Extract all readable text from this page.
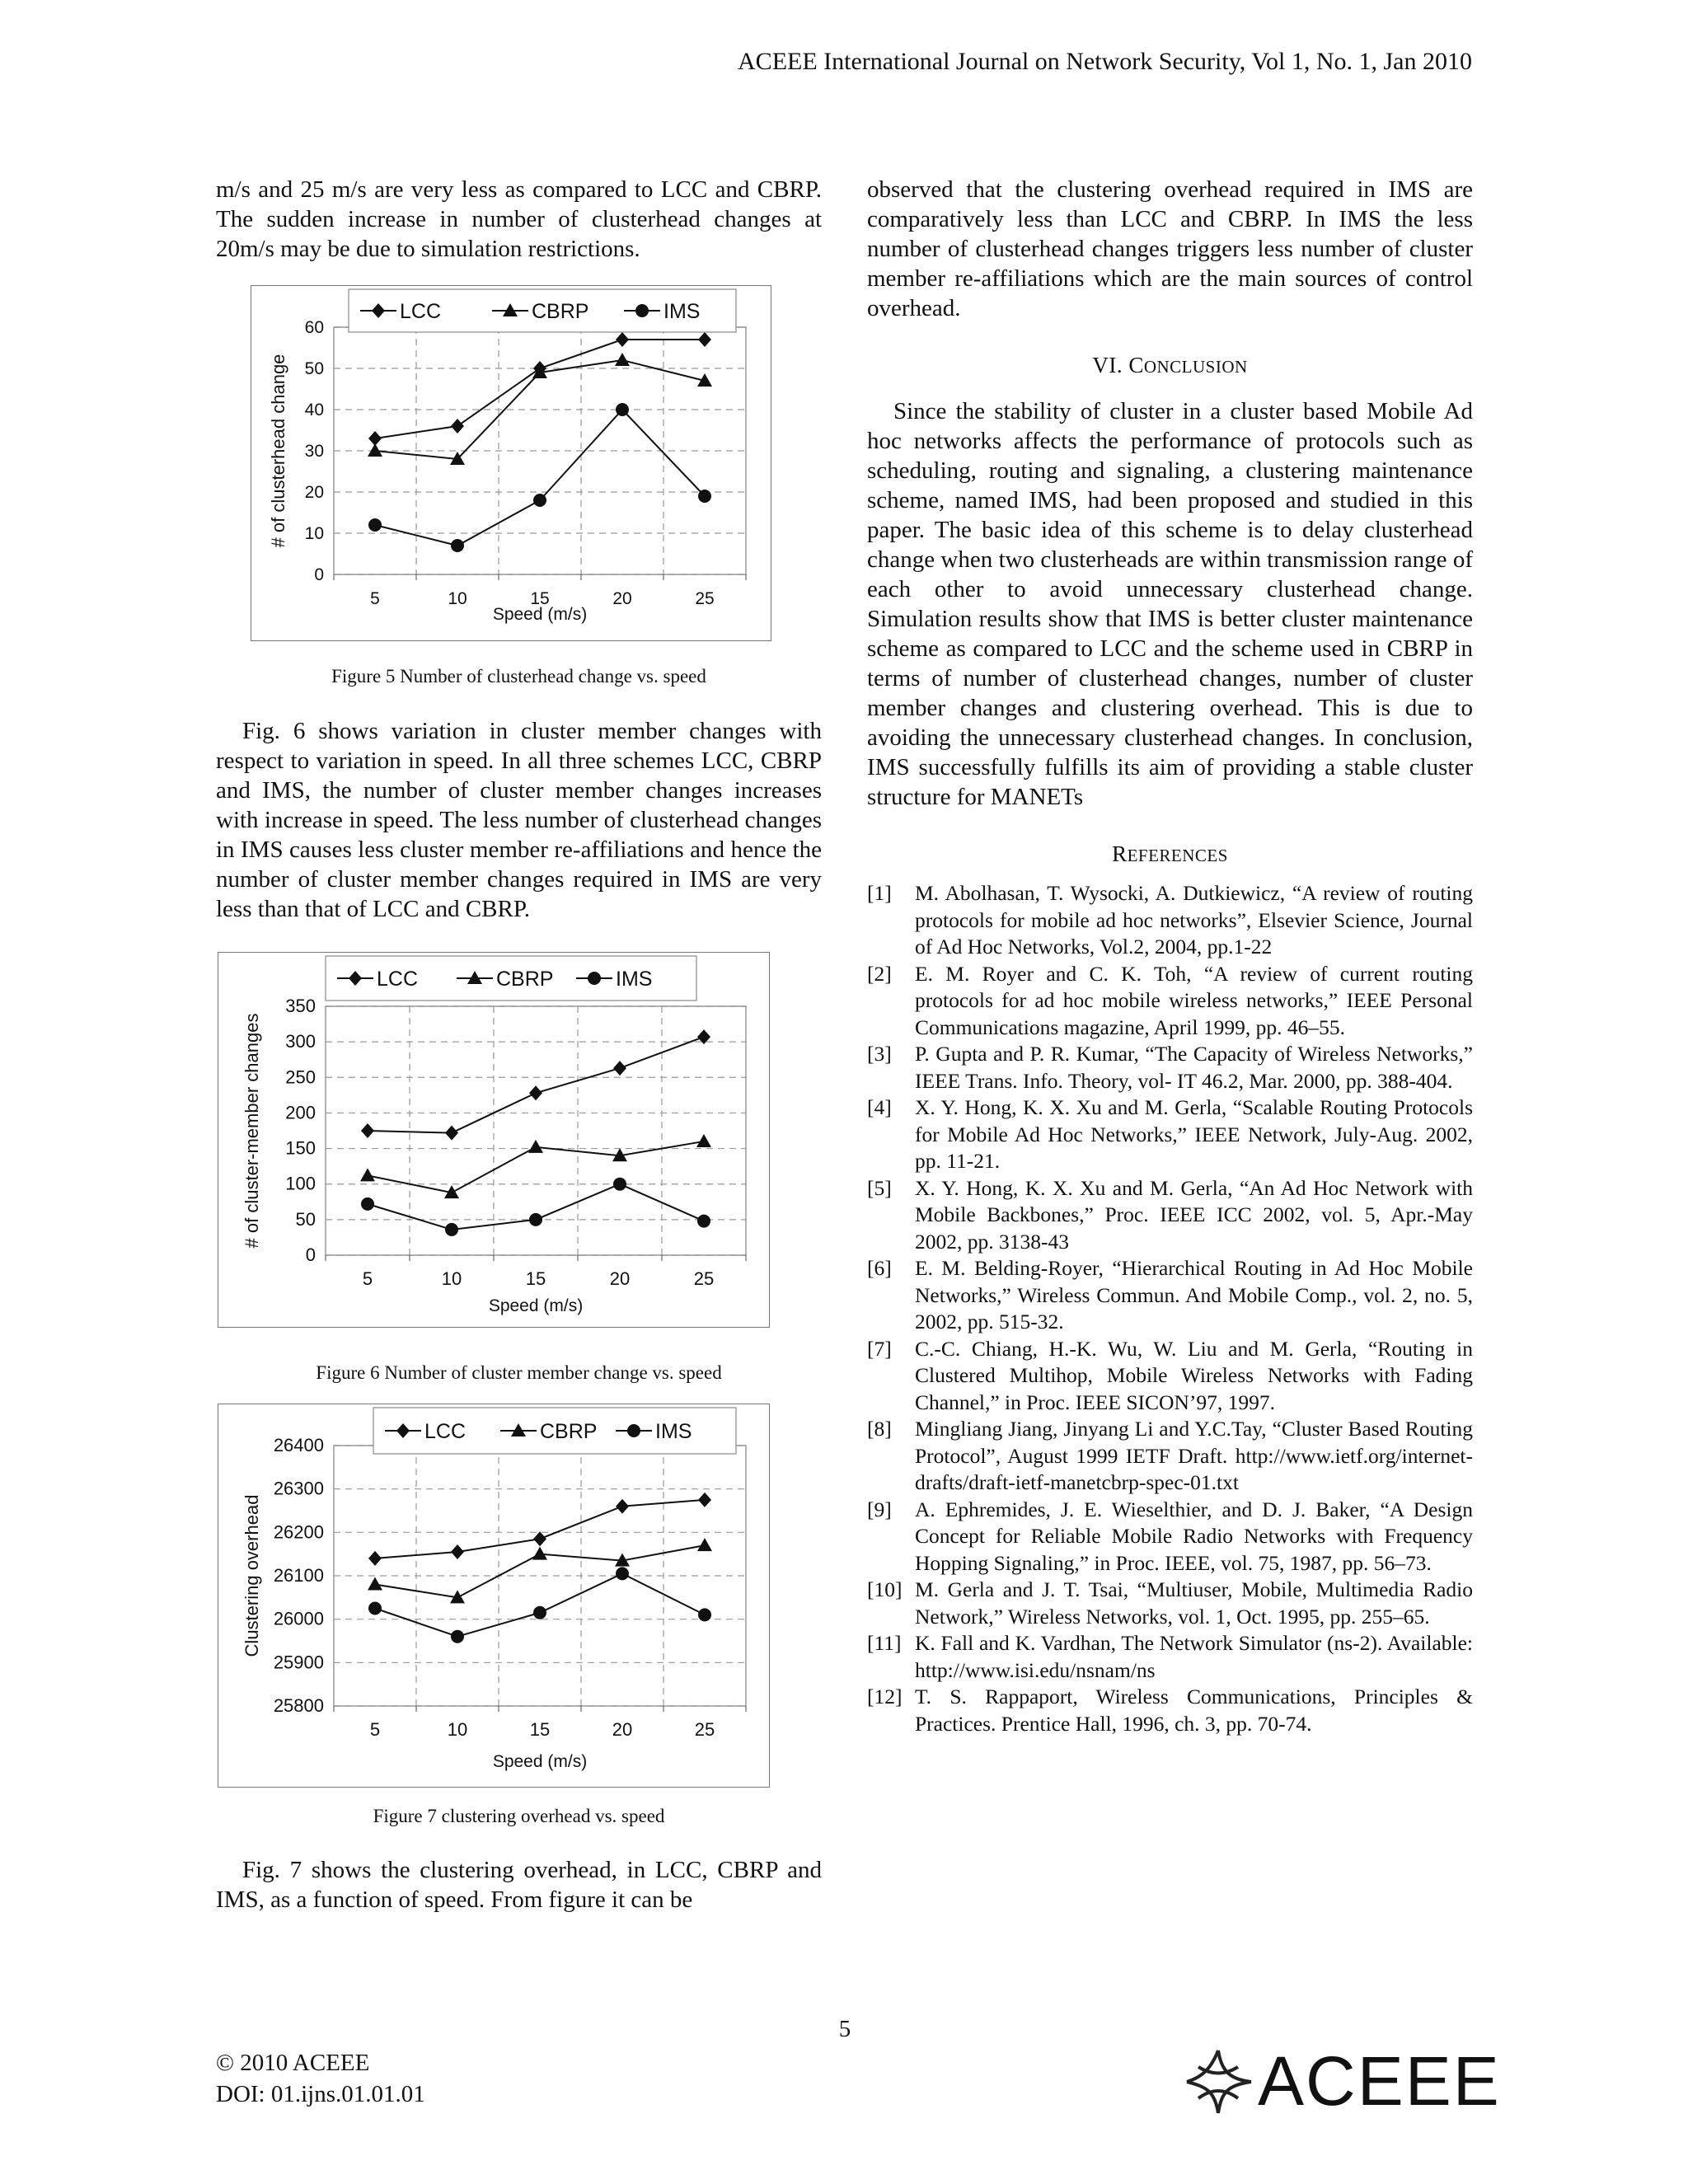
ACEEE International Journal on Network Security, Vol 1, No. 1, Jan 2010

m/s and 25 m/s are very less as compared to LCC and CBRP. The sudden increase in number of clusterhead changes at 20m/s may be due to simulation restrictions.

0
10
20
30
40
50
60
5	10	15	20	25
Speed (m/s)
# of clusterhead change
LCC	CBRP	IMS

Figure 5 Number of clusterhead change vs. speed

Fig. 6 shows variation in cluster member changes with respect to variation in speed. In all three schemes LCC, CBRP and IMS, the number of cluster member changes increases with increase in speed. The less number of clusterhead changes in IMS causes less cluster member re-affiliations and hence the number of cluster member changes required in IMS are very less than that of LCC and CBRP.

0
50
100
150
200
250
300
350
5	10	15	20	25
Speed (m/s)
# of cluster-member changes
LCC	CBRP	IMS

Figure 6 Number of cluster member change vs. speed

25800
25900
26000
26100
26200
26300
26400
5	10	15	20	25
Speed (m/s)
Clustering overhead
LCC	CBRP	IMS

Figure 7 clustering overhead vs. speed

Fig. 7 shows the clustering overhead, in LCC, CBRP and IMS, as a function of speed. From figure it can be

observed that the clustering overhead required in IMS are comparatively less than LCC and CBRP. In IMS the less number of clusterhead changes triggers less number of cluster member re-affiliations which are the main sources of control overhead.

VI. CONCLUSION

Since the stability of cluster in a cluster based Mobile Ad hoc networks affects the performance of protocols such as scheduling, routing and signaling, a clustering maintenance scheme, named IMS, had been proposed and studied in this paper. The basic idea of this scheme is to delay clusterhead change when two clusterheads are within transmission range of each other to avoid unnecessary clusterhead change. Simulation results show that IMS is better cluster maintenance scheme as compared to LCC and the scheme used in CBRP in terms of number of clusterhead changes, number of cluster member changes and clustering overhead. This is due to avoiding the unnecessary clusterhead changes. In conclusion, IMS successfully fulfills its aim of providing a stable cluster structure for MANETs

REFERENCES

[1] M. Abolhasan, T. Wysocki, A. Dutkiewicz, “A review of routing protocols for mobile ad hoc networks”, Elsevier Science, Journal of Ad Hoc Networks, Vol.2, 2004, pp.1-22
[2] E. M. Royer and C. K. Toh, “A review of current routing protocols for ad hoc mobile wireless networks,” IEEE Personal Communications magazine, April 1999, pp. 46–55.
[3] P. Gupta and P. R. Kumar, “The Capacity of Wireless Networks,” IEEE Trans. Info. Theory, vol- IT 46.2, Mar. 2000, pp. 388-404.
[4] X. Y. Hong, K. X. Xu and M. Gerla, “Scalable Routing Protocols for Mobile Ad Hoc Networks,” IEEE Network, July-Aug. 2002, pp. 11-21.
[5] X. Y. Hong, K. X. Xu and M. Gerla, “An Ad Hoc Network with Mobile Backbones,” Proc. IEEE ICC 2002, vol. 5, Apr.-May 2002, pp. 3138-43
[6] E. M. Belding-Royer, “Hierarchical Routing in Ad Hoc Mobile Networks,” Wireless Commun. And Mobile Comp., vol. 2, no. 5, 2002, pp. 515-32.
[7] C.-C. Chiang, H.-K. Wu, W. Liu and M. Gerla, “Routing in Clustered Multihop, Mobile Wireless Networks with Fading Channel,” in Proc. IEEE SICON’97, 1997.
[8] Mingliang Jiang, Jinyang Li and Y.C.Tay, “Cluster Based Routing Protocol”, August 1999 IETF Draft. http://www.ietf.org/internet-drafts/draft-ietf-manetcbrp-spec-01.txt
[9] A. Ephremides, J. E. Wieselthier, and D. J. Baker, “A Design Concept for Reliable Mobile Radio Networks with Frequency Hopping Signaling,” in Proc. IEEE, vol. 75, 1987, pp. 56–73.
[10] M. Gerla and J. T. Tsai, “Multiuser, Mobile, Multimedia Radio Network,” Wireless Networks, vol. 1, Oct. 1995, pp. 255–65.
[11] K. Fall and K. Vardhan, The Network Simulator (ns-2). Available: http://www.isi.edu/nsnam/ns
[12] T. S. Rappaport, Wireless Communications, Principles & Practices. Prentice Hall, 1996, ch. 3, pp. 70-74.
5
© 2010 ACEEE
DOI: 01.ijns.01.01.01	ACEEE
